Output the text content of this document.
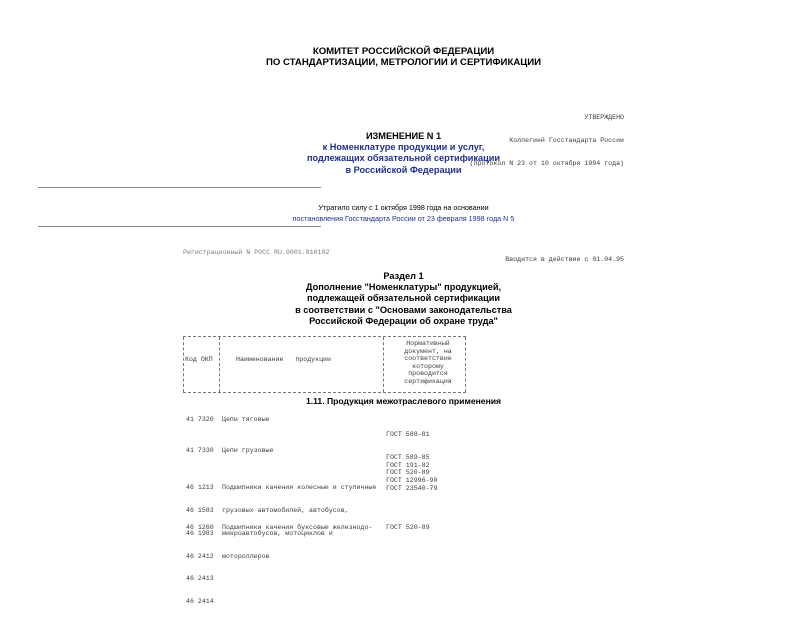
КОМИТЕТ РОССИЙСКОЙ ФЕДЕРАЦИИ
ПО СТАНДАРТИЗАЦИИ, МЕТРОЛОГИИ И СЕРТИФИКАЦИИ

УТВЕРЖДЕНО

Коллегией Госстандарта России

(протокол N 23 от 10 октября 1994 года)

ИЗМЕНЕНИЕ N 1
к Номенклатуре продукции и услуг,
подлежащих обязательной сертификации
в Российской Федерации
Утратило силу с 1 октября 1998 года на основании
постановления Госстандарта России от 23 февраля 1998 года N 5
Регистрационный N РОСС RU.0001.010102
Вводится в действие с 01.04.95
Раздел 1
Дополнение "Номенклатуры" продукцией,
подлежащей обязательной сертификации
в соответствии с "Основами законодательства
Российской Федерации об охране труда"
Код ОКП	Наименование   продукции
Нормативный документ, на соответствие которому проводится сертификация
1.11. Продукция межотраслевого применения
41 7320 Цепи тяговые

ГОСТ 588-81

ГОСТ 589-85

ГОСТ 12996-90

41 7330 Цепи грузовые

ГОСТ 191-82

ГОСТ 23540-79

46 1213

46 1583

46 1983

46 2412

46 2413

46 2414

Подшипники качения колесные и ступичные

грузовых автомобилей, автобусов,

микроавтобусов, мотоциклов и

мотороллеров

ГОСТ 520-89
46 1260 Подшипники качения буксовые железнодо- ГОСТ 520-89
